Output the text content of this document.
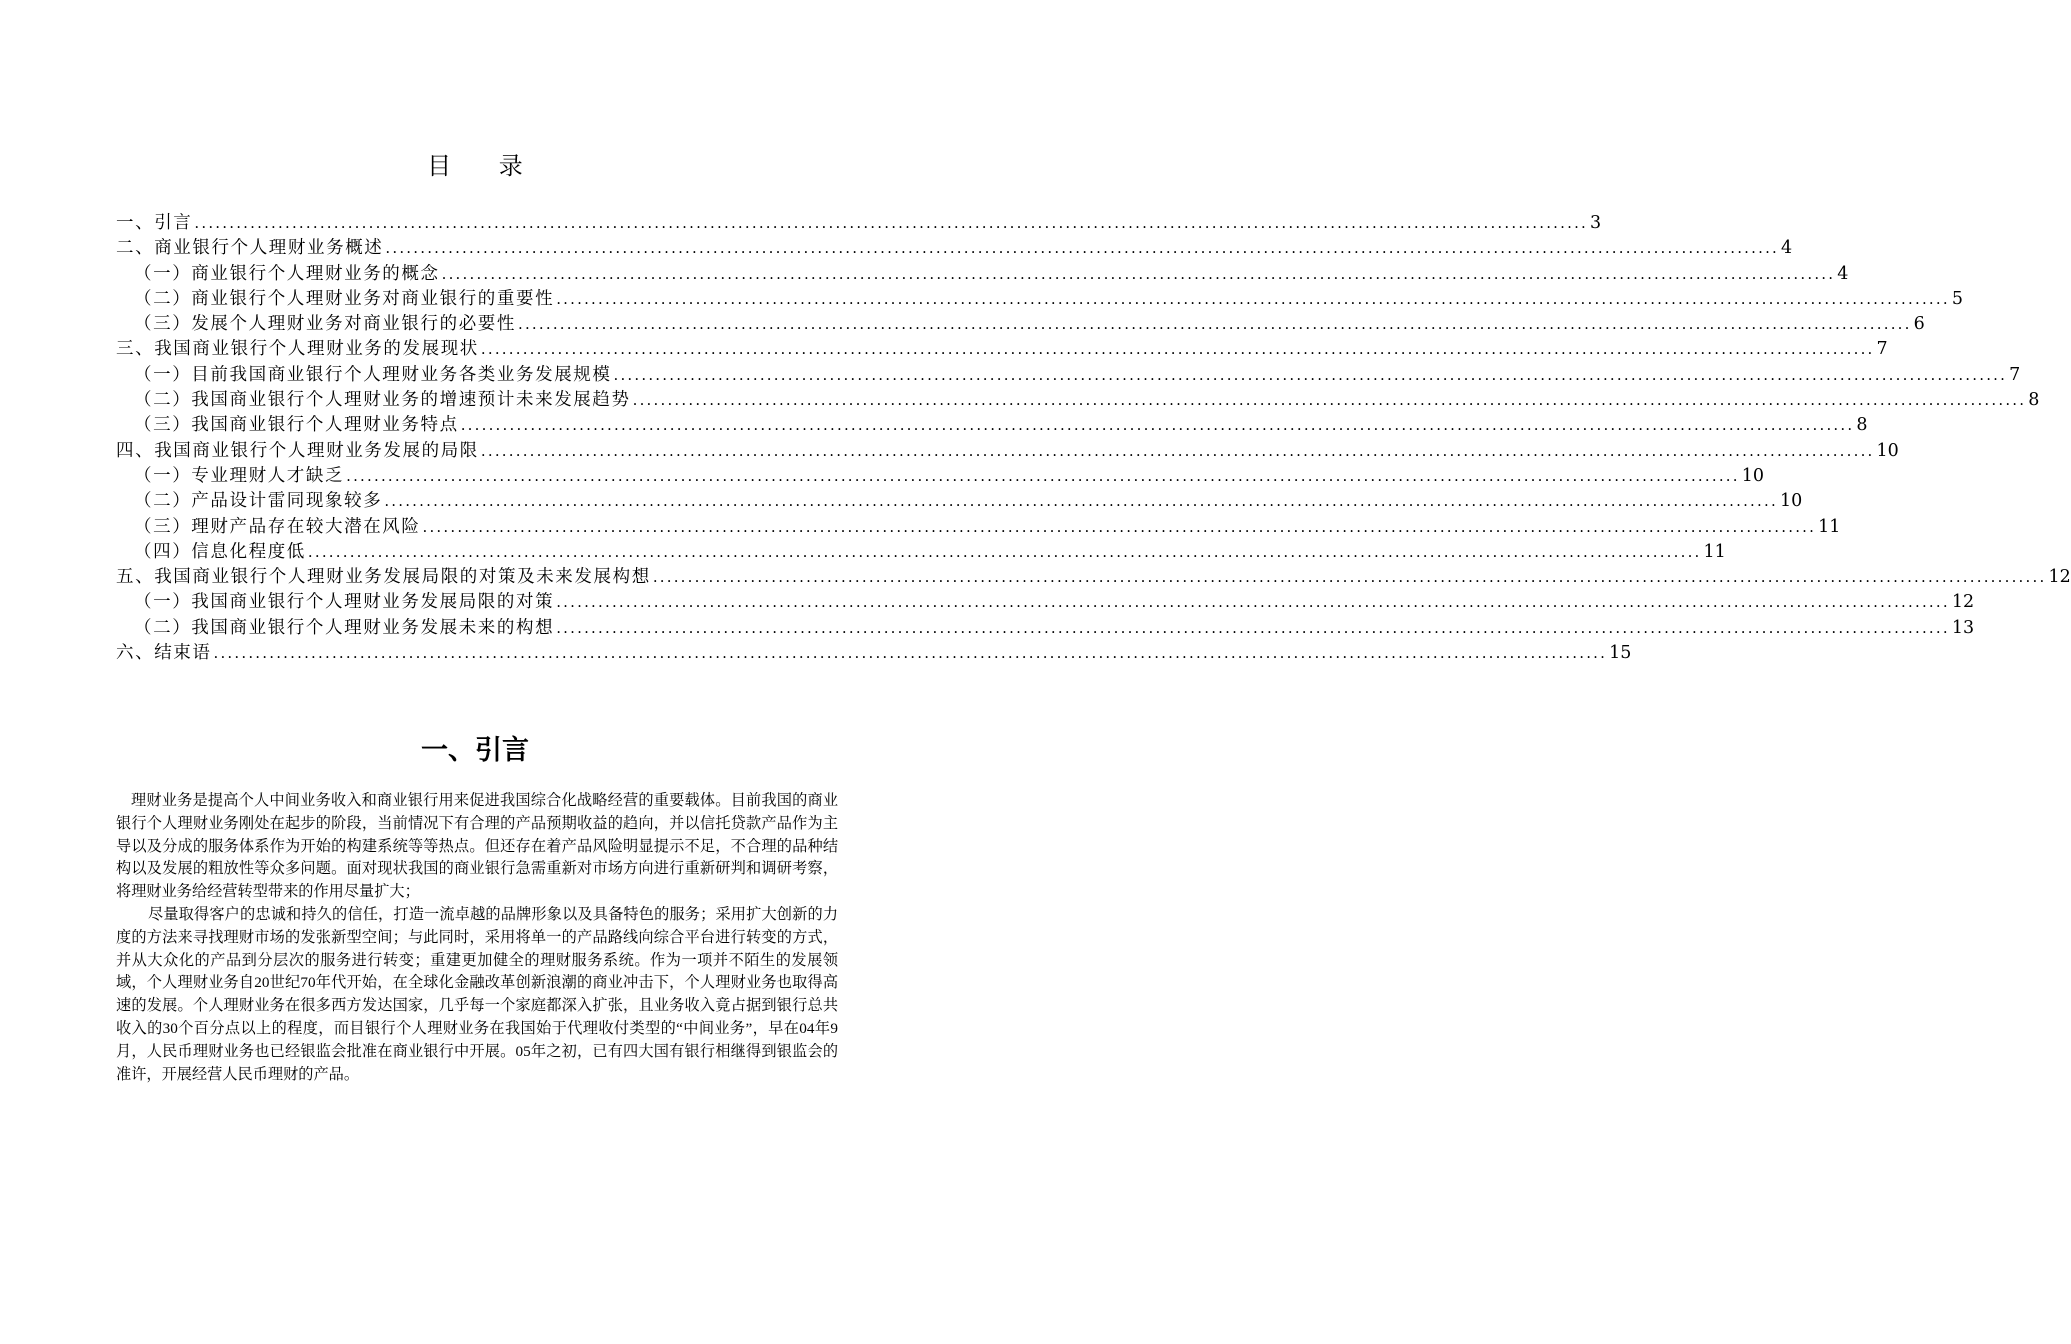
目 录
一、引言 ........................................................................................................................................................................................................ 3
二、商业银行个人理财业务概述 ........................................................................................................................................................................................................ 4
（一）商业银行个人理财业务的概念 ........................................................................................................................................................................................................ 4
（二）商业银行个人理财业务对商业银行的重要性 ........................................................................................................................................................................................................ 5
（三）发展个人理财业务对商业银行的必要性 ........................................................................................................................................................................................................ 6
三、我国商业银行个人理财业务的发展现状 ........................................................................................................................................................................................................ 7
（一）目前我国商业银行个人理财业务各类业务发展规模 ........................................................................................................................................................................................................ 7
（二）我国商业银行个人理财业务的增速预计未来发展趋势 ........................................................................................................................................................................................................ 8
（三）我国商业银行个人理财业务特点 ........................................................................................................................................................................................................ 8
四、我国商业银行个人理财业务发展的局限 ........................................................................................................................................................................................................ 10
（一）专业理财人才缺乏 ........................................................................................................................................................................................................ 10
（二）产品设计雷同现象较多 ........................................................................................................................................................................................................ 10
（三）理财产品存在较大潜在风险 ........................................................................................................................................................................................................ 11
（四）信息化程度低 ........................................................................................................................................................................................................ 11
五、我国商业银行个人理财业务发展局限的对策及未来发展构想 ........................................................................................................................................................................................................ 12
（一）我国商业银行个人理财业务发展局限的对策 ........................................................................................................................................................................................................ 12
（二）我国商业银行个人理财业务发展未来的构想 ........................................................................................................................................................................................................ 13
六、结束语 ........................................................................................................................................................................................................ 15
一、引言

理财业务是提高个人中间业务收入和商业银行用来促进我国综合化战略经营的重要载体。目前我国的商业银行个人理财业务刚处在起步的阶段，当前情况下有合理的产品预期收益的趋向，并以信托贷款产品作为主导以及分成的服务体系作为开始的构建系统等等热点。但还存在着产品风险明显提示不足，不合理的品种结构以及发展的粗放性等众多问题。面对现状我国的商业银行急需重新对市场方向进行重新研判和调研考察，将理财业务给经营转型带来的作用尽量扩大；

尽量取得客户的忠诚和持久的信任，打造一流卓越的品牌形象以及具备特色的服务；采用扩大创新的力度的方法来寻找理财市场的发张新型空间；与此同时，采用将单一的产品路线向综合平台进行转变的方式，并从大众化的产品到分层次的服务进行转变；重建更加健全的理财服务系统。作为一项并不陌生的发展领域，个人理财业务自20世纪70年代开始，在全球化金融改革创新浪潮的商业冲击下，个人理财业务也取得高速的发展。个人理财业务在很多西方发达国家，几乎每一个家庭都深入扩张，且业务收入竟占据到银行总共收入的30个百分点以上的程度，而目银行个人理财业务在我国始于代理收付类型的“中间业务”，早在04年9月，人民币理财业务也已经银监会批准在商业银行中开展。05年之初，已有四大国有银行相继得到银监会的准许，开展经营人民币理财的产品。
